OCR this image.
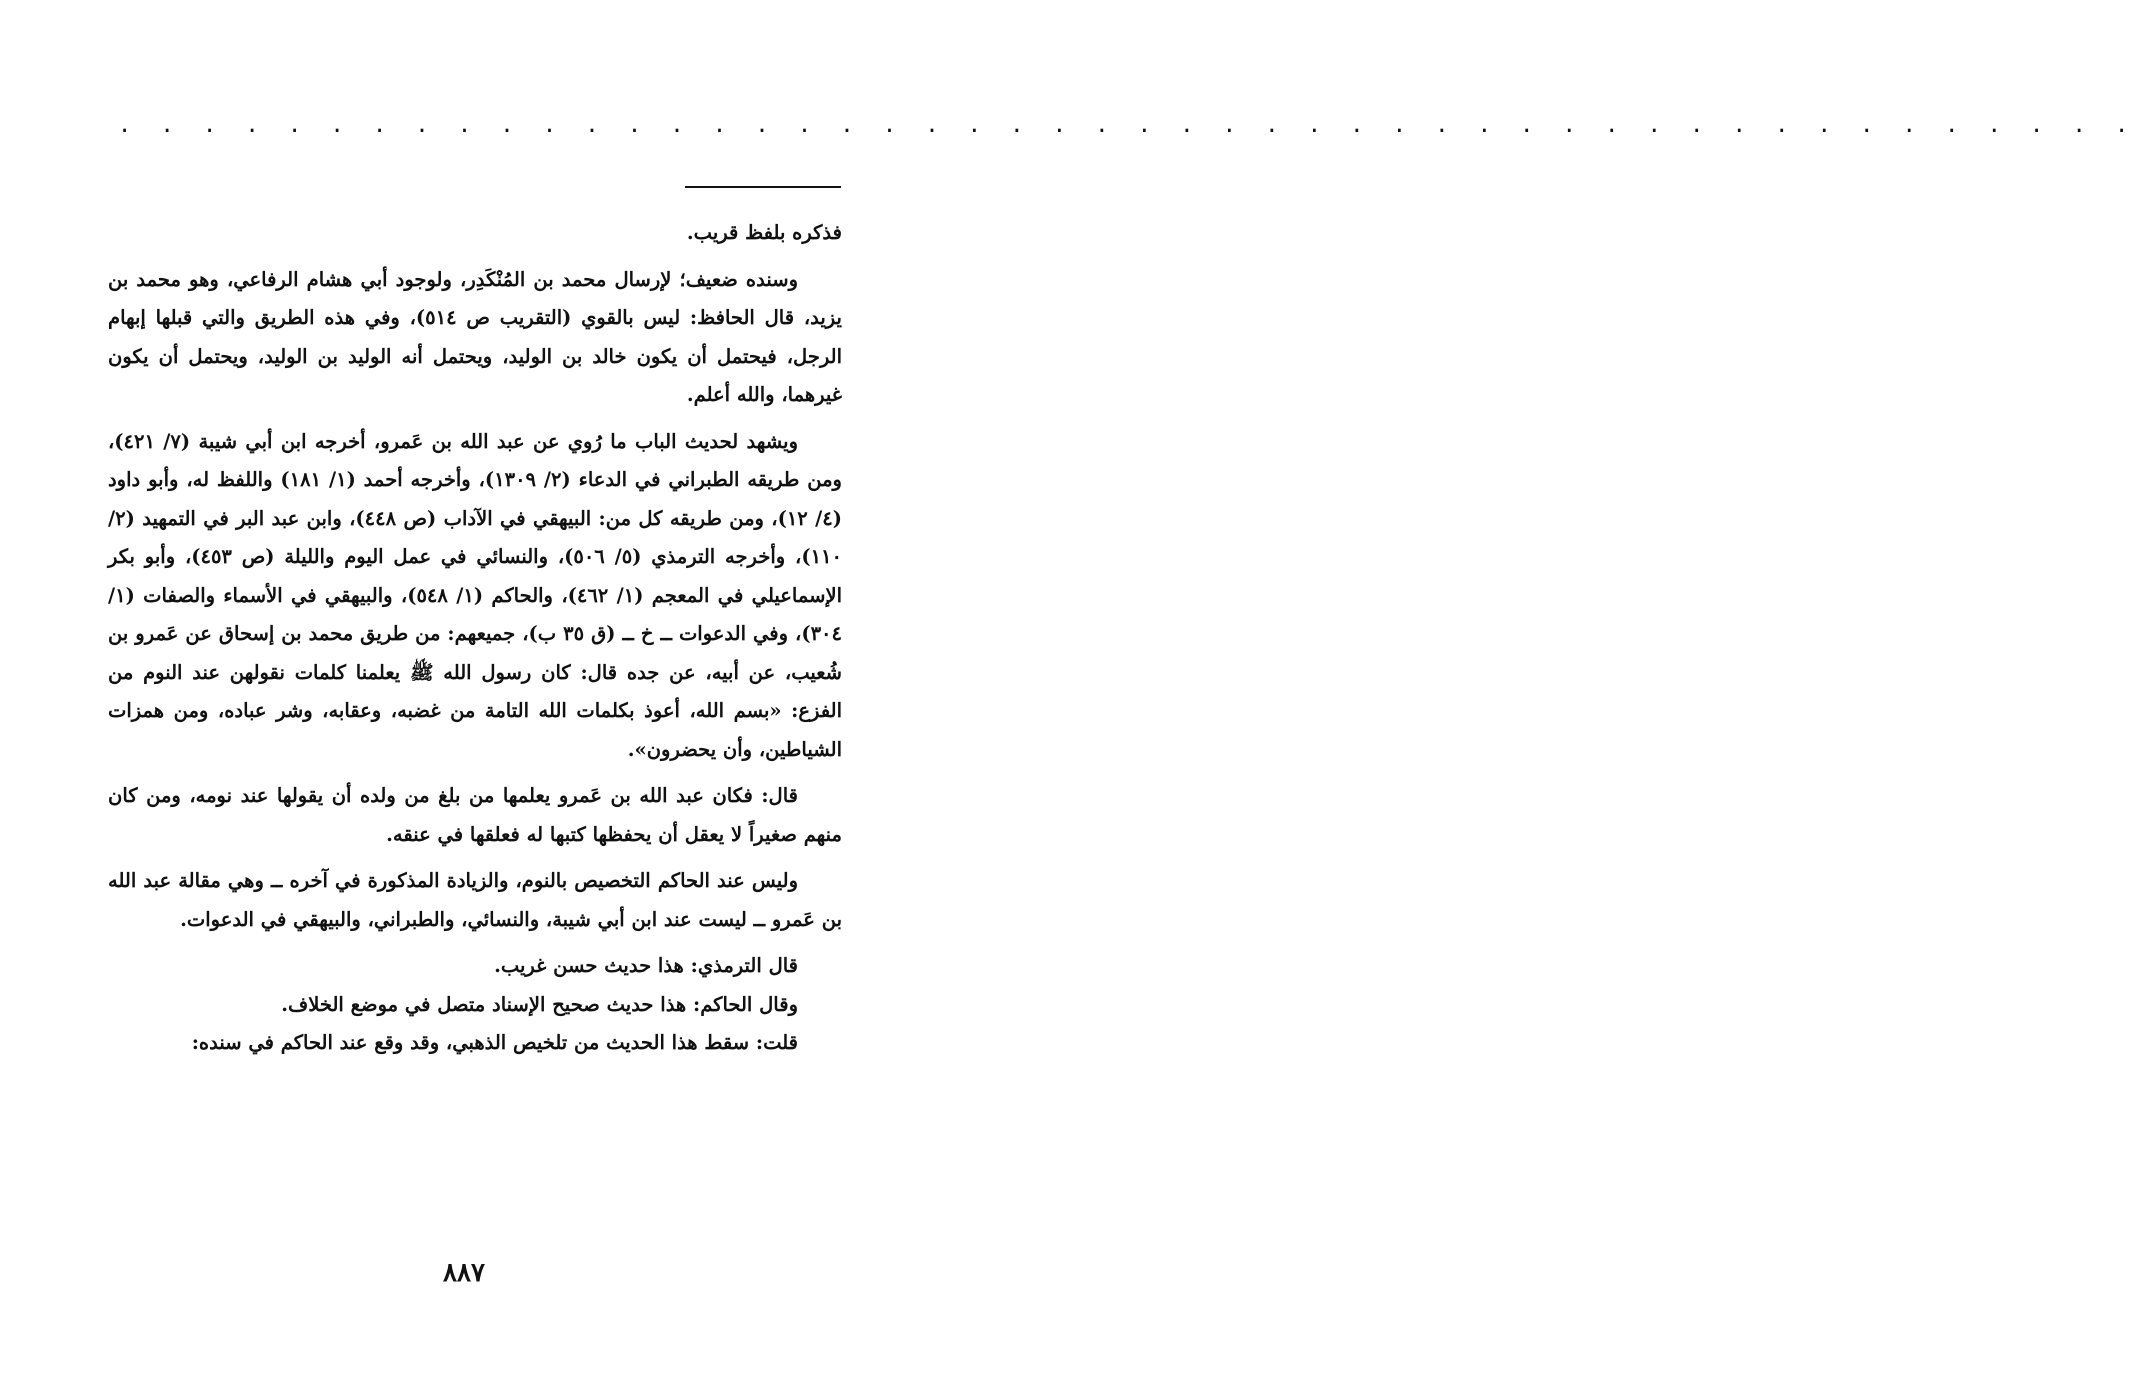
· · · · · · · · · · · · · · · · · · · · · · · · · · · · · · · · · · · · · · · · · · · · · · · ·

فذكره بلفظ قريب.

وسنده ضعيف؛ لإرسال محمد بن المُنْكَدِر، ولوجود أبي هشام الرفاعي، وهو محمد بن يزيد، قال الحافظ: ليس بالقوي (التقريب ص ٥١٤)، وفي هذه الطريق والتي قبلها إبهام الرجل، فيحتمل أن يكون خالد بن الوليد، ويحتمل أنه الوليد بن الوليد، ويحتمل أن يكون غيرهما، والله أعلم.

ويشهد لحديث الباب ما رُوي عن عبد الله بن عَمرو، أخرجه ابن أبي شيبة (٧/ ٤٢١)، ومن طريقه الطبراني في الدعاء (٢/ ١٣٠٩)، وأخرجه أحمد (١/ ١٨١) واللفظ له، وأبو داود (٤/ ١٢)، ومن طريقه كل من: البيهقي في الآداب (ص ٤٤٨)، وابن عبد البر في التمهيد (٢/ ١١٠)، وأخرجه الترمذي (٥/ ٥٠٦)، والنسائي في عمل اليوم والليلة (ص ٤٥٣)، وأبو بكر الإسماعيلي في المعجم (١/ ٤٦٢)، والحاكم (١/ ٥٤٨)، والبيهقي في الأسماء والصفات (١/ ٣٠٤)، وفي الدعوات ــ خ ــ (ق ٣٥ ب)، جميعهم: من طريق محمد بن إسحاق عن عَمرو بن شُعيب، عن أبيه، عن جده قال: كان رسول الله ﷺ يعلمنا كلمات نقولهن عند النوم من الفزع: «بسم الله، أعوذ بكلمات الله التامة من غضبه، وعقابه، وشر عباده، ومن همزات الشياطين، وأن يحضرون».

قال: فكان عبد الله بن عَمرو يعلمها من بلغ من ولده أن يقولها عند نومه، ومن كان منهم صغيراً لا يعقل أن يحفظها كتبها له فعلقها في عنقه.

وليس عند الحاكم التخصيص بالنوم، والزيادة المذكورة في آخره ــ وهي مقالة عبد الله بن عَمرو ــ ليست عند ابن أبي شيبة، والنسائي، والطبراني، والبيهقي في الدعوات.

قال الترمذي: هذا حديث حسن غريب.

وقال الحاكم: هذا حديث صحيح الإسناد متصل في موضع الخلاف.

قلت: سقط هذا الحديث من تلخيص الذهبي، وقد وقع عند الحاكم في سنده:

٨٨٧
